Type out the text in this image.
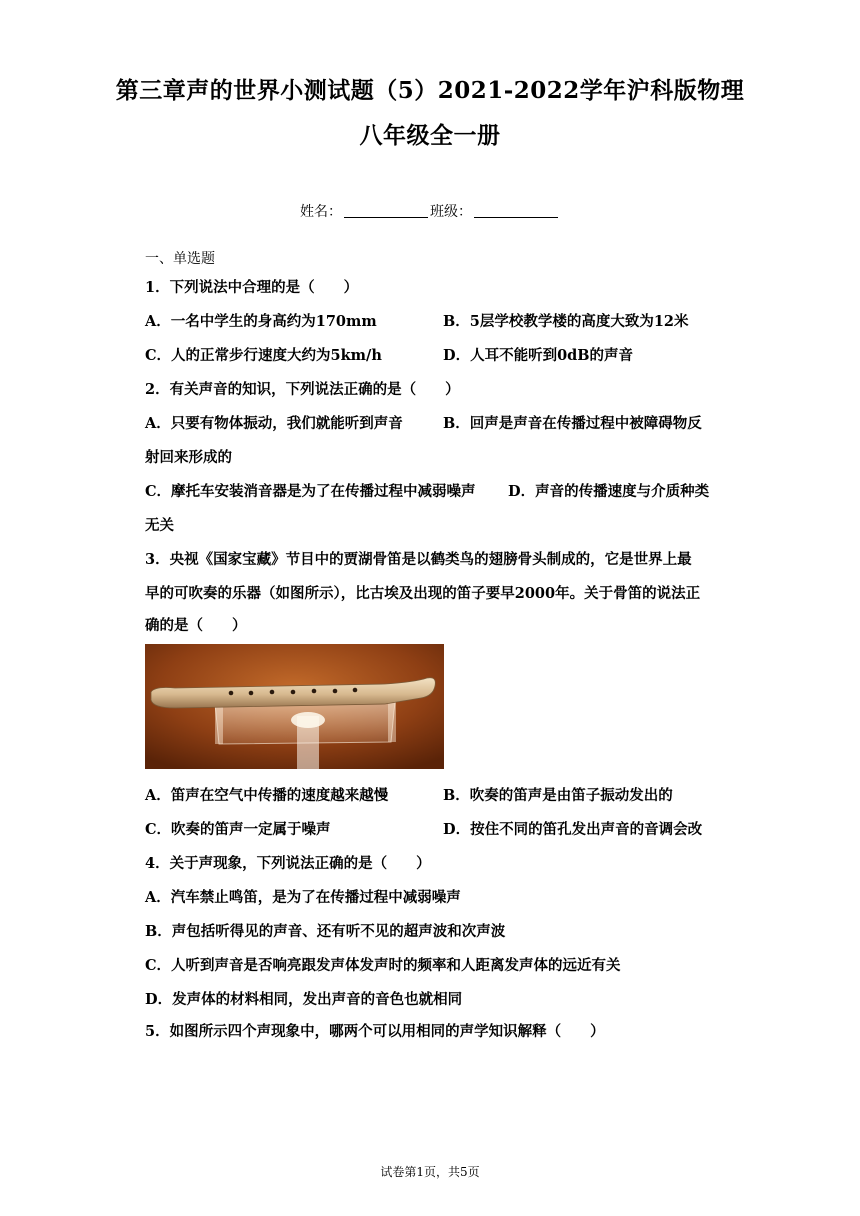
第三章声的世界小测试题（5）2021-2022学年沪科版物理
八年级全一册
姓名：	班级：
一、单选题
1．下列说法中合理的是（　　）
A．一名中学生的身高约为170mm	B．5层学校教学楼的高度大致为12米
C．人的正常步行速度大约为5km/h	D．人耳不能听到0dB的声音
2．有关声音的知识，下列说法正确的是（　　）
A．只要有物体振动，我们就能听到声音	B．回声是声音在传播过程中被障碍物反
射回来形成的
C．摩托车安装消音器是为了在传播过程中减弱噪声 D．声音的传播速度与介质种类
无关
3．央视《国家宝藏》节目中的贾湖骨笛是以鹤类鸟的翅膀骨头制成的，它是世界上最
早的可吹奏的乐器（如图所示），比古埃及出现的笛子要早2000年。关于骨笛的说法正
确的是（　　）
A．笛声在空气中传播的速度越来越慢	B．吹奏的笛声是由笛子振动发出的
C．吹奏的笛声一定属于噪声	D．按住不同的笛孔发出声音的音调会改
4．关于声现象，下列说法正确的是（　　）
A．汽车禁止鸣笛，是为了在传播过程中减弱噪声
B．声包括听得见的声音、还有听不见的超声波和次声波
C．人听到声音是否响亮跟发声体发声时的频率和人距离发声体的远近有关
D．发声体的材料相同，发出声音的音色也就相同
5．如图所示四个声现象中，哪两个可以用相同的声学知识解释（　　）
试卷第1页，共5页
